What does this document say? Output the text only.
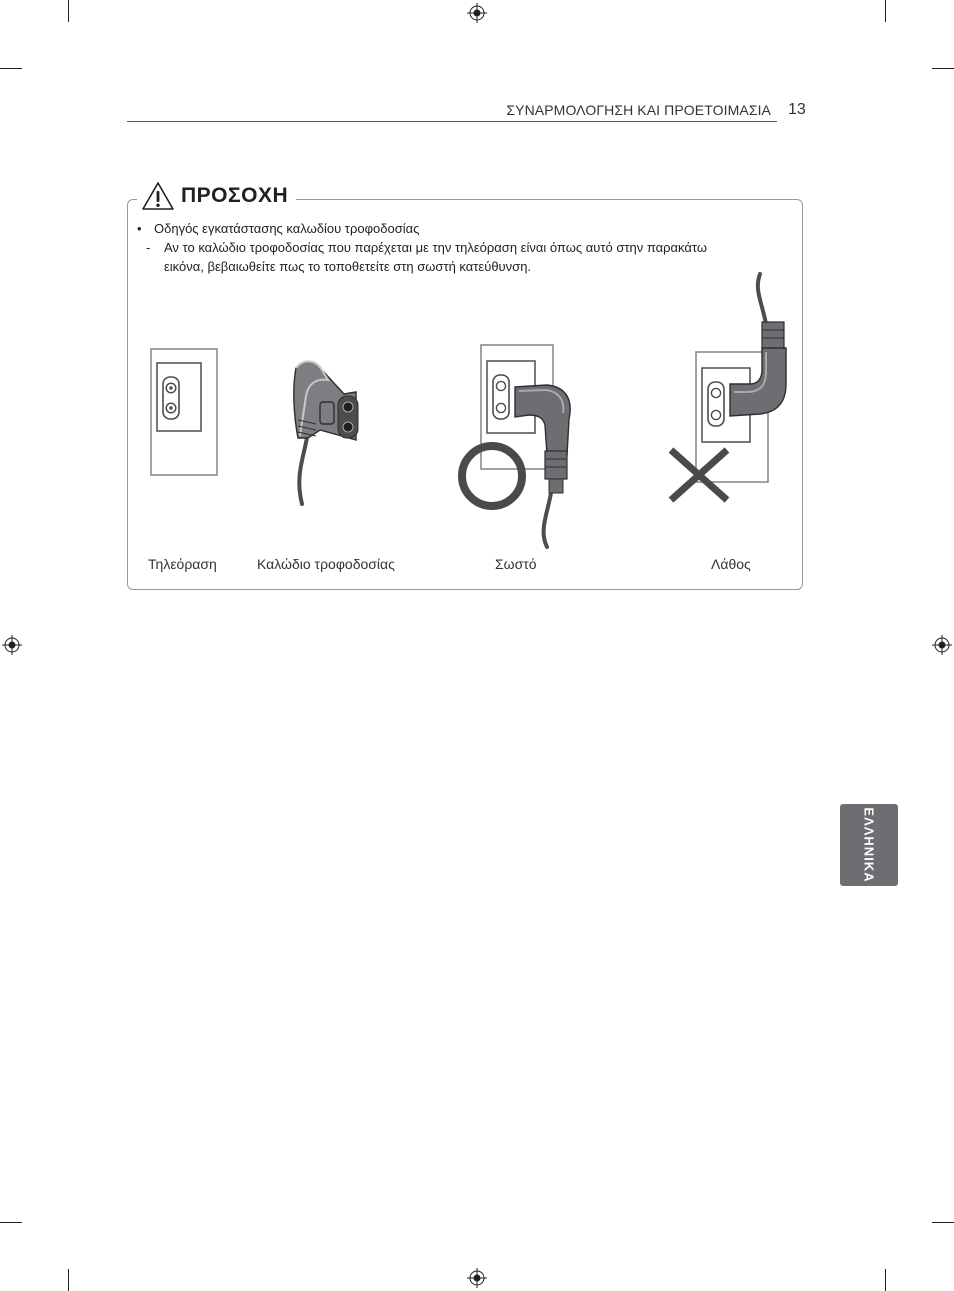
ΣΥΝΑΡΜΟΛΟΓΗΣΗ ΚΑΙ ΠΡΟΕΤΟΙΜΑΣΙΑ 13
ΠΡΟΣΟΧΗ
• Οδηγός εγκατάστασης καλωδίου τροφοδοσίας
- Αν το καλώδιο τροφοδοσίας που παρέχεται με την τηλεόραση είναι όπως αυτό στην παρακάτω
εικόνα, βεβαιωθείτε πως το τοποθετείτε στη σωστή κατεύθυνση.
Τηλεόραση	Καλώδιο τροφοδοσίας	Σωστό	Λάθος
ΕΛΛΗΝΙΚΑ
